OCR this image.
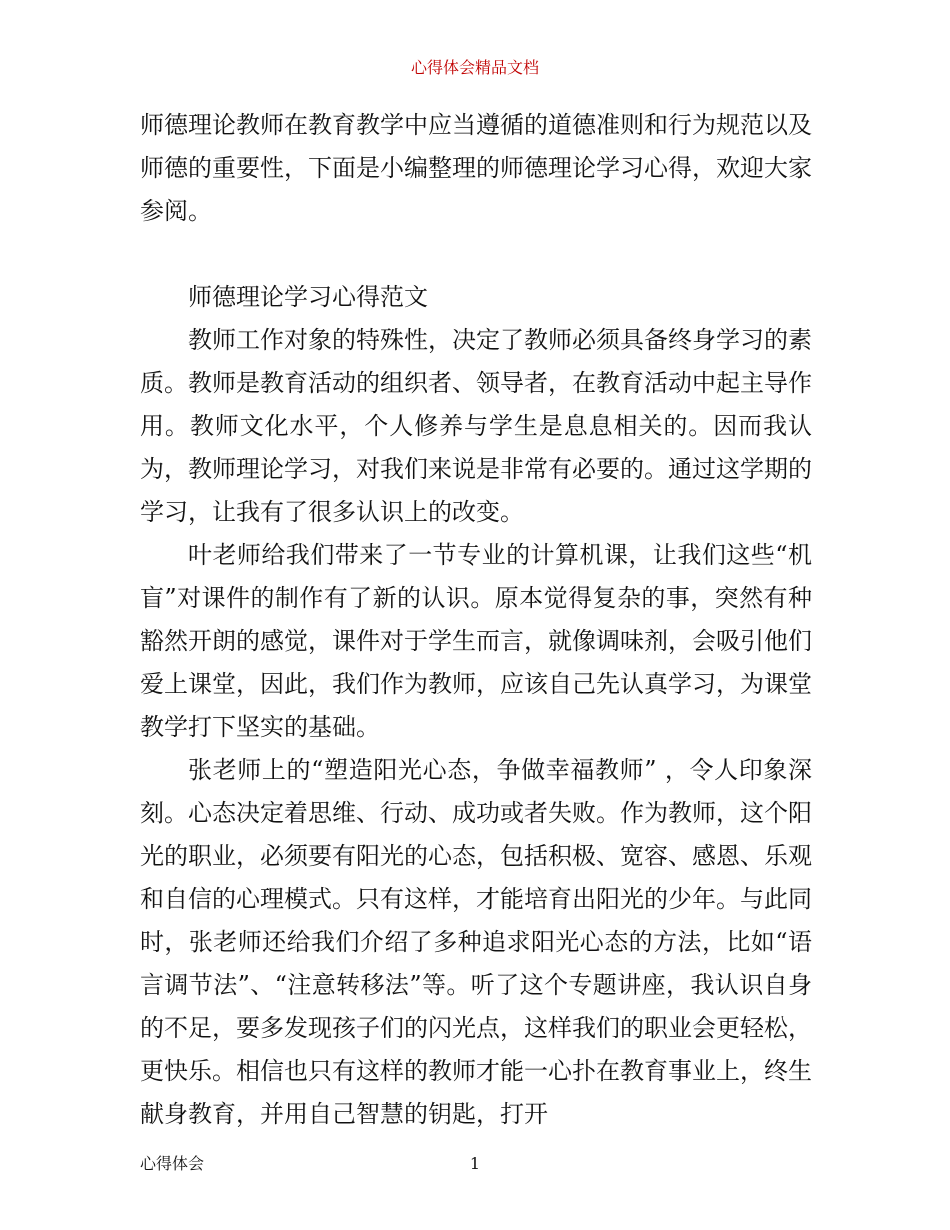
心得体会精品文档

师德理论教师在教育教学中应当遵循的道德准则和行为规范以及师德的重要性，下面是小编整理的师德理论学习心得，欢迎大家参阅。

师德理论学习心得范文

教师工作对象的特殊性，决定了教师必须具备终身学习的素质。教师是教育活动的组织者、领导者，在教育活动中起主导作用。教师文化水平，个人修养与学生是息息相关的。因而我认为，教师理论学习，对我们来说是非常有必要的。通过这学期的学习，让我有了很多认识上的改变。

叶老师给我们带来了一节专业的计算机课，让我们这些“机盲”对课件的制作有了新的认识。原本觉得复杂的事，突然有种豁然开朗的感觉，课件对于学生而言，就像调味剂，会吸引他们爱上课堂，因此，我们作为教师，应该自己先认真学习，为课堂教学打下坚实的基础。

张老师上的“塑造阳光心态，争做幸福教师” ，令人印象深刻。心态决定着思维、行动、成功或者失败。作为教师，这个阳光的职业，必须要有阳光的心态，包括积极、宽容、感恩、乐观和自信的心理模式。只有这样，才能培育出阳光的少年。与此同时，张老师还给我们介绍了多种追求阳光心态的方法，比如“语言调节法”、“注意转移法”等。听了这个专题讲座，我认识自身的不足，要多发现孩子们的闪光点，这样我们的职业会更轻松，更快乐。相信也只有这样的教师才能一心扑在教育事业上，终生献身教育，并用自己智慧的钥匙，打开

心得体会	1
